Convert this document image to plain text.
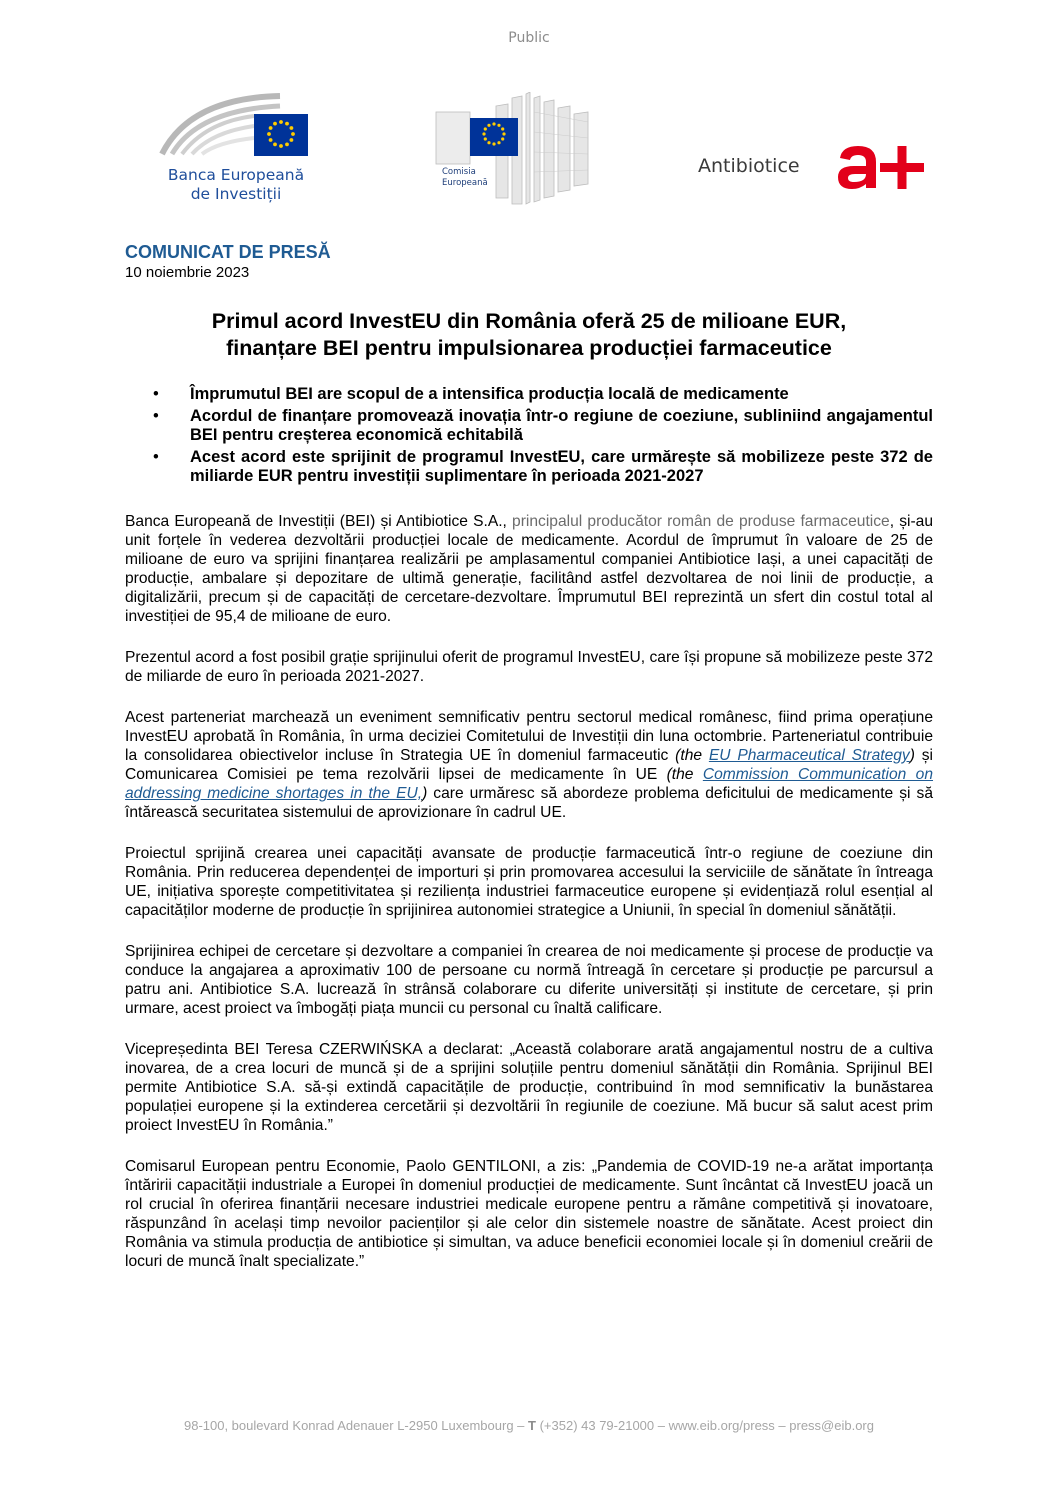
Public
Banca Europeană
de Investiții
Comisia
Europeană
Antibiotice
COMUNICAT DE PRESĂ
10 noiembrie 2023
Primul acord InvestEU din România oferă 25 de milioane EUR,
finanțare BEI pentru impulsionarea producției farmaceutice
• Împrumutul BEI are scopul de a intensifica producția locală de medicamente
• Acordul de finanțare promovează inovația într-o regiune de coeziune, subliniind angajamentul BEI pentru creșterea economică echitabilă
• Acest acord este sprijinit de programul InvestEU, care urmărește să mobilizeze peste 372 de miliarde EUR pentru investiții suplimentare în perioada 2021-2027

Banca Europeană de Investiții (BEI) și Antibiotice S.A., principalul producător român de produse farmaceutice, și-au unit forțele în vederea dezvoltării producției locale de medicamente. Acordul de împrumut în valoare de 25 de milioane de euro va sprijini finanțarea realizării pe amplasamentul companiei Antibiotice Iași, a unei capacități de producție, ambalare și depozitare de ultimă generație, facilitând astfel dezvoltarea de noi linii de producție, a digitalizării, precum și de capacități de cercetare-dezvoltare. Împrumutul BEI reprezintă un sfert din costul total al investiției de 95,4 de milioane de euro.

Prezentul acord a fost posibil grație sprijinului oferit de programul InvestEU, care își propune să mobilizeze peste 372 de miliarde de euro în perioada 2021-2027.

Acest parteneriat marchează un eveniment semnificativ pentru sectorul medical românesc, fiind prima operațiune InvestEU aprobată în România, în urma deciziei Comitetului de Investiții din luna octombrie. Parteneriatul contribuie la consolidarea obiectivelor incluse în Strategia UE în domeniul farmaceutic (the EU Pharmaceutical Strategy) și Comunicarea Comisiei pe tema rezolvării lipsei de medicamente în UE (the Commission Communication on addressing medicine shortages in the EU,) care urmăresc să abordeze problema deficitului de medicamente și să întărească securitatea sistemului de aprovizionare în cadrul UE.

Proiectul sprijină crearea unei capacități avansate de producție farmaceutică într-o regiune de coeziune din România. Prin reducerea dependenței de importuri și prin promovarea accesului la serviciile de sănătate în întreaga UE, inițiativa sporește competitivitatea și reziliența industriei farmaceutice europene și evidențiază rolul esențial al capacităților moderne de producție în sprijinirea autonomiei strategice a Uniunii, în special în domeniul sănătății.

Sprijinirea echipei de cercetare și dezvoltare a companiei în crearea de noi medicamente și procese de producție va conduce la angajarea a aproximativ 100 de persoane cu normă întreagă în cercetare și producție pe parcursul a patru ani. Antibiotice S.A. lucrează în strânsă colaborare cu diferite universități și institute de cercetare, și prin urmare, acest proiect va îmbogăți piața muncii cu personal cu înaltă calificare.

Vicepreședinta BEI Teresa CZERWIŃSKA a declarat: „Această colaborare arată angajamentul nostru de a cultiva inovarea, de a crea locuri de muncă și de a sprijini soluțiile pentru domeniul sănătății din România. Sprijinul BEI permite Antibiotice S.A. să-și extindă capacitățile de producție, contribuind în mod semnificativ la bunăstarea populației europene și la extinderea cercetării și dezvoltării în regiunile de coeziune. Mă bucur să salut acest prim proiect InvestEU în România.”

Comisarul European pentru Economie, Paolo GENTILONI, a zis: „Pandemia de COVID-19 ne-a arătat importanța întăririi capacității industriale a Europei în domeniul producției de medicamente. Sunt încântat că InvestEU joacă un rol crucial în oferirea finanțării necesare industriei medicale europene pentru a rămâne competitivă și inovatoare, răspunzând în același timp nevoilor pacienților și ale celor din sistemele noastre de sănătate. Acest proiect din România va stimula producția de antibiotice și simultan, va aduce beneficii economiei locale și în domeniul creării de locuri de muncă înalt specializate.”

98-100, boulevard Konrad Adenauer L-2950 Luxembourg – T (+352) 43 79-21000 – www.eib.org/press – press@eib.org
